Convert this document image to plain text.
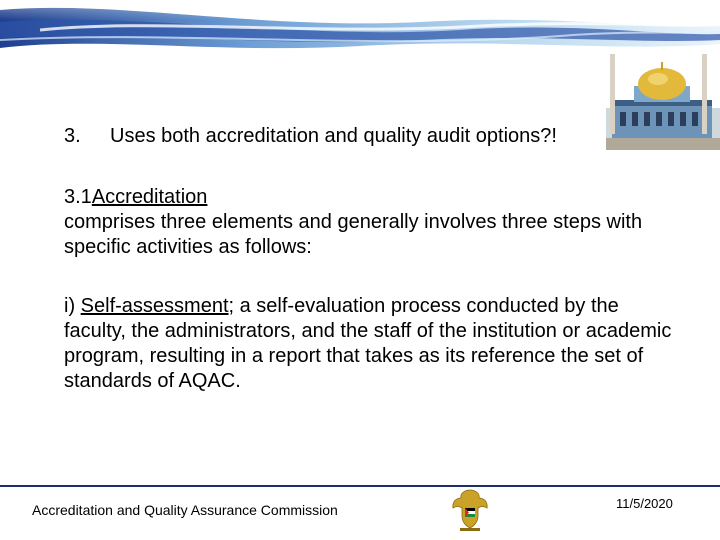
3. Uses both accreditation and quality audit options?!

3.1Accreditation

comprises three elements and generally involves three steps with specific activities as follows:

i) Self-assessment; a self-evaluation process conducted by the faculty, the administrators, and the staff of the institution or academic program, resulting in a report that takes as its reference the set of standards of AQAC.

Accreditation and Quality Assurance Commission	11/5/2020
